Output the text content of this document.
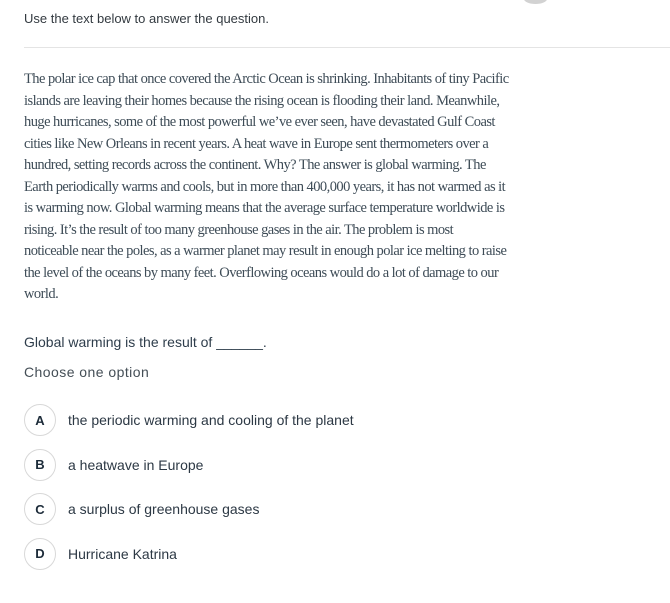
Use the text below to answer the question.
The polar ice cap that once covered the Arctic Ocean is shrinking. Inhabitants of tiny Pacific
islands are leaving their homes because the rising ocean is flooding their land. Meanwhile,
huge hurricanes, some of the most powerful we’ve ever seen, have devastated Gulf Coast
cities like New Orleans in recent years. A heat wave in Europe sent thermometers over a
hundred, setting records across the continent. Why? The answer is global warming. The
Earth periodically warms and cools, but in more than 400,000 years, it has not warmed as it
is warming now. Global warming means that the average surface temperature worldwide is
rising. It’s the result of too many greenhouse gases in the air. The problem is most
noticeable near the poles, as a warmer planet may result in enough polar ice melting to raise
the level of the oceans by many feet. Overflowing oceans would do a lot of damage to our
world.
Global warming is the result of ______.
Choose one option
A	the periodic warming and cooling of the planet
B	a heatwave in Europe
C	a surplus of greenhouse gases
D	Hurricane Katrina
